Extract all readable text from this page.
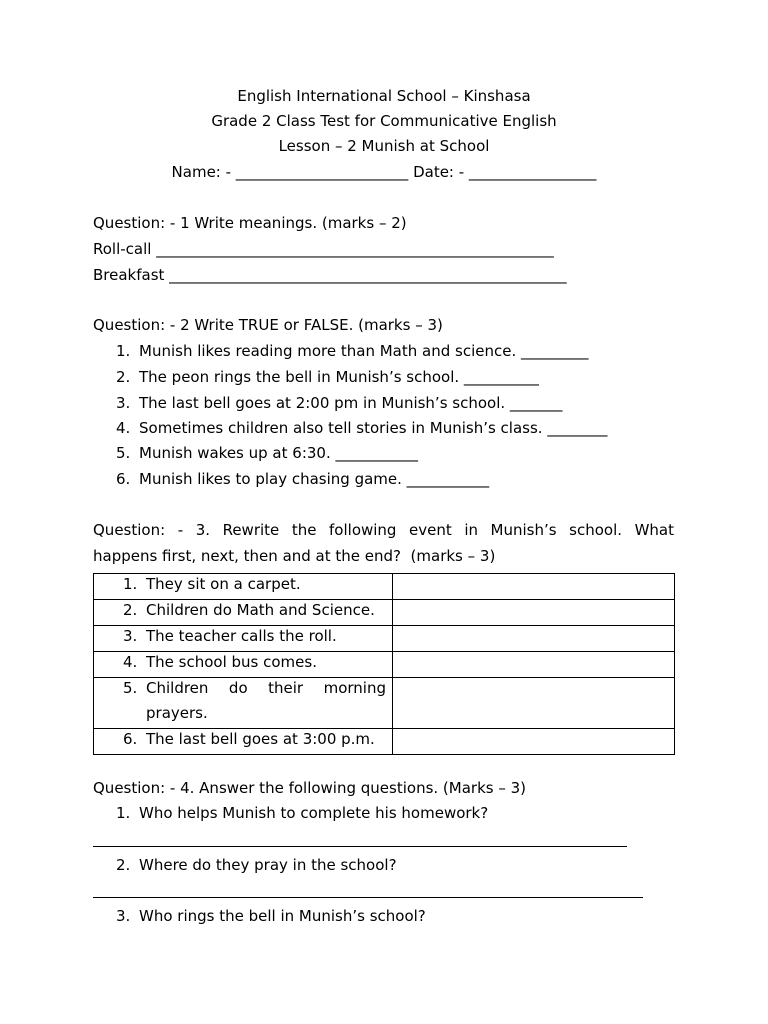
English International School – Kinshasa
Grade 2 Class Test for Communicative English
Lesson – 2 Munish at School
Name: - _______________________ Date: - _________________
Question: - 1 Write meanings. (marks – 2)
Roll-call _____________________________________________________
Breakfast _____________________________________________________
Question: - 2 Write TRUE or FALSE. (marks – 3)
1. Munish likes reading more than Math and science. _________
2. The peon rings the bell in Munish’s school. __________
3. The last bell goes at 2:00 pm in Munish’s school. _______
4. Sometimes children also tell stories in Munish’s class. ________
5. Munish wakes up at 6:30. ___________
6. Munish likes to play chasing game. ___________
Question: - 3. Rewrite the following event in Munish’s school. What
happens first, next, then and at the end?  (marks – 3)
1. They sit on a carpet.	

2. Children do Math and Science.	

3. The teacher calls the roll.	

4. The school bus comes.	

5. Children do their morning
prayers.	

6. The last bell goes at 3:00 p.m.	

Question: - 4. Answer the following questions. (Marks – 3)
1. Who helps Munish to complete his homework?
2. Where do they pray in the school?
3. Who rings the bell in Munish’s school?
